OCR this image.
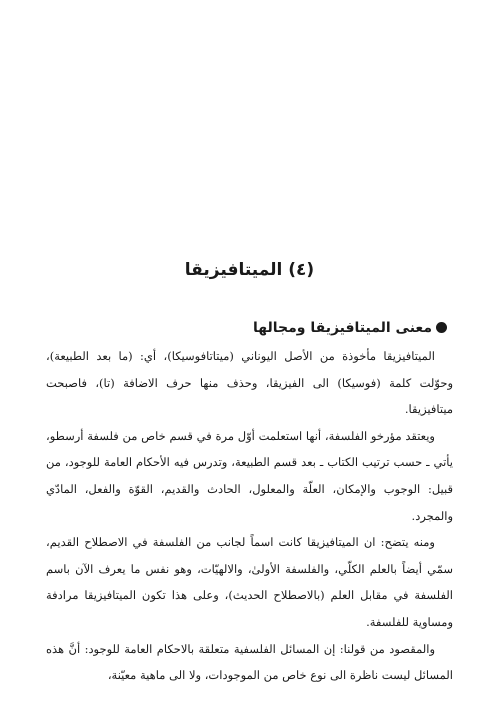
(٤) الميتافيزيقا
معنى الميتافيزيقا ومجالها

الميتافيزيقا مأخوذة من الأصل اليوناني (ميتاتافوسيكا)، أي: (ما بعد الطبيعة)، وحوّلت كلمة (فوسيكا) الى الفيزيقا، وحذف منها حرف الاضافة (تا)، فاصبحت ميتافيزيقا.

ويعتقد مؤرخو الفلسفة، أنها استعلمت أوّل مرة في قسم خاص من فلسفة أرسطو، يأتي ـ حسب ترتيب الكتاب ـ بعد قسم الطبيعة، وتدرس فيه الأحكام العامة للوجود، من قبيل: الوجوب والإمكان، العلّة والمعلول، الحادث والقديم، القوّة والفعل، المادّي والمجرد.

ومنه يتضح: ان الميتافيزيقا كانت اسماً لجانب من الفلسفة في الاصطلاح القديم، سمّي أيضاً بالعلم الكلّي، والفلسفة الأولىٰ، والالهيّات، وهو نفس ما يعرف الآن باسم الفلسفة في مقابل العلم (بالاصطلاح الحديث)، وعلى هذا تكون الميتافيزيقا مرادفة ومساوية للفلسفة.

والمقصود من قولنا: إن المسائل الفلسفية متعلقة بالاحكام العامة للوجود: أنَّ هذه المسائل ليست ناظرة الى نوع خاص من الموجودات، ولا الى ماهية معيّنة،
